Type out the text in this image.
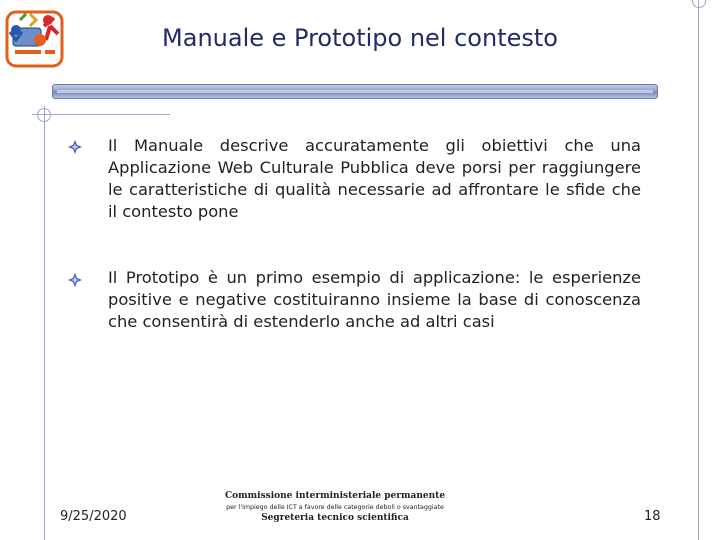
Manuale e Prototipo nel contesto
Il Manuale descrive accuratamente gli obiettivi che una Applicazione Web Culturale Pubblica deve porsi per raggiungere le caratteristiche di qualità necessarie ad affrontare le sfide che il contesto pone
Il Prototipo è un primo esempio di applicazione: le esperienze positive e negative costituiranno insieme la base di conoscenza che consentirà di estenderlo anche ad altri casi
9/25/2020
Commissione interministeriale permanente
per l'impiego delle ICT a favore delle categorie deboli o svantaggiate
Segreteria tecnico scientifica	18
